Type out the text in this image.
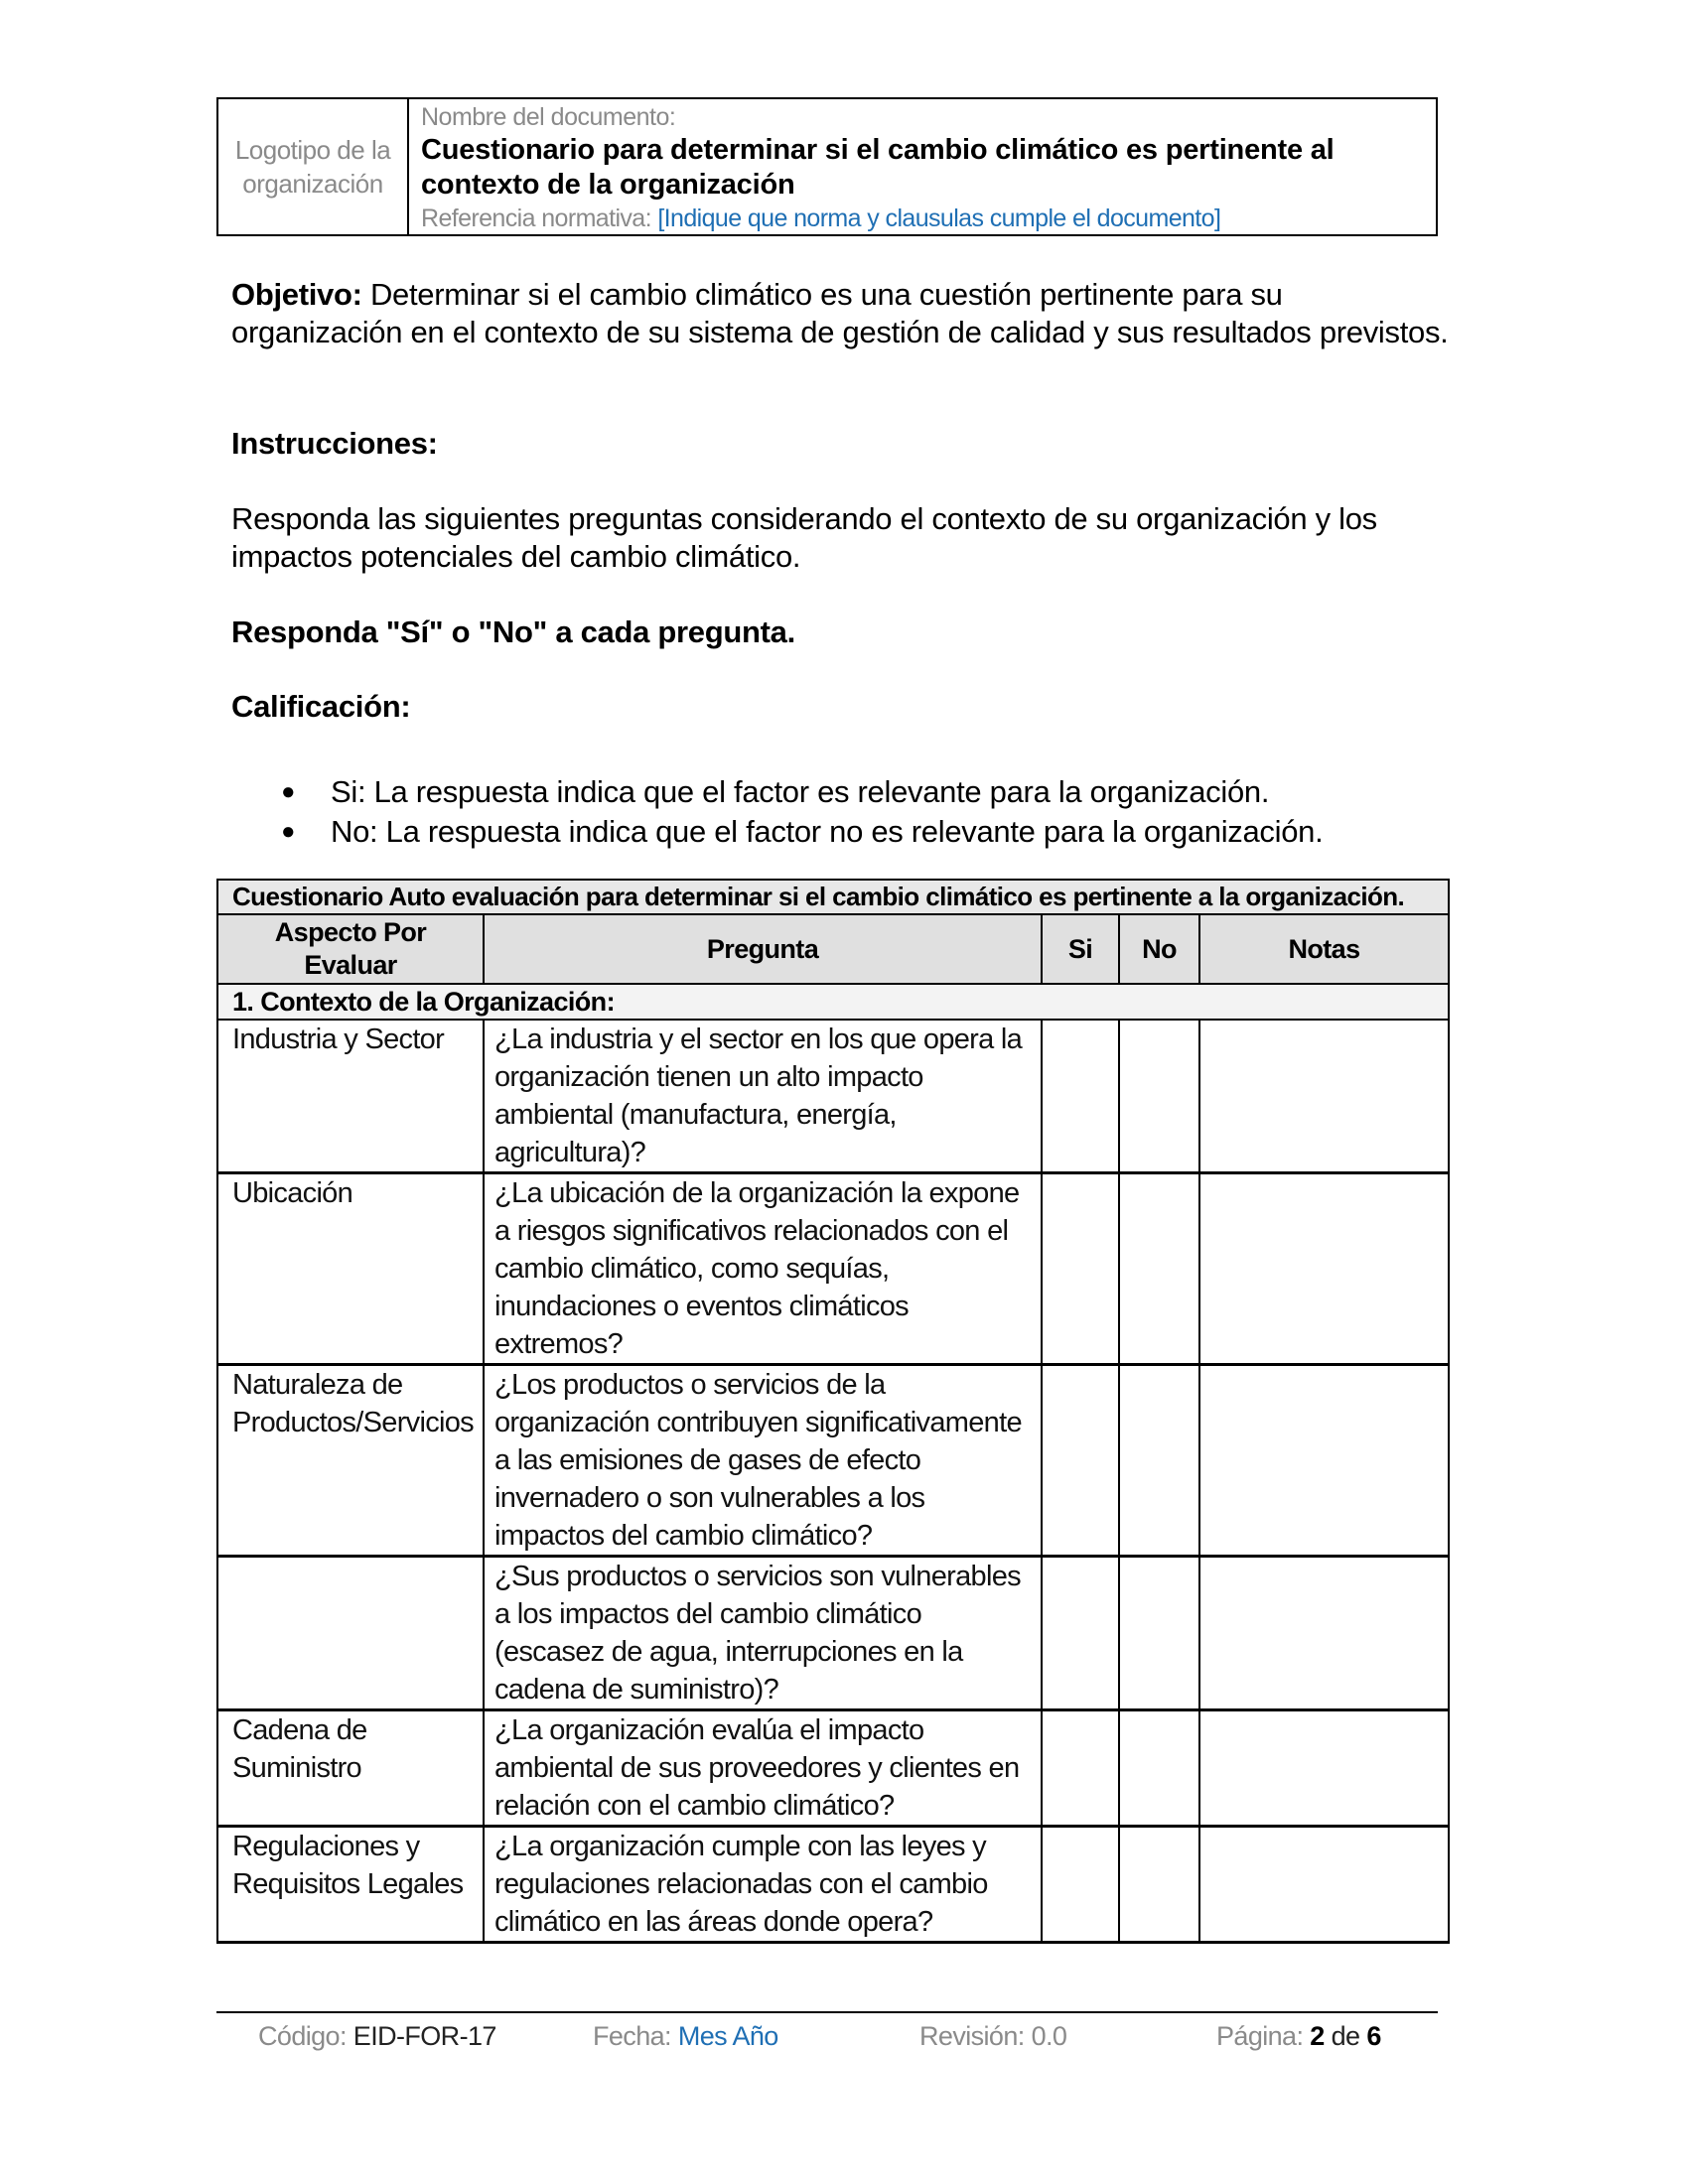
Logotipo de la organización
Nombre del documento:
Cuestionario para determinar si el cambio climático es pertinente al contexto de la organización
Referencia normativa: [Indique que norma y clausulas cumple el documento]
Objetivo: Determinar si el cambio climático es una cuestión pertinente para su organización en el contexto de su sistema de gestión de calidad y sus resultados previstos.
Instrucciones:
Responda las siguientes preguntas considerando el contexto de su organización y los impactos potenciales del cambio climático.
Responda "Sí" o "No" a cada pregunta.
Calificación:
●	Si: La respuesta indica que el factor es relevante para la organización.
●	No: La respuesta indica que el factor no es relevante para la organización.
Cuestionario Auto evaluación para determinar si el cambio climático es pertinente a la organización.				
Aspecto Por Evaluar	Pregunta	Si	No	Notas
1. Contexto de la Organización:				
Industria y Sector	¿La industria y el sector en los que opera la organización tienen un alto impacto ambiental (manufactura, energía, agricultura)?			
Ubicación	¿La ubicación de la organización la expone a riesgos significativos relacionados con el cambio climático, como sequías, inundaciones o eventos climáticos extremos?			
Naturaleza de Productos/Servicios	¿Los productos o servicios de la organización contribuyen significativamente a las emisiones de gases de efecto invernadero o son vulnerables a los impactos del cambio climático?			
	¿Sus productos o servicios son vulnerables a los impactos del cambio climático (escasez de agua, interrupciones en la cadena de suministro)?			
Cadena de Suministro	¿La organización evalúa el impacto ambiental de sus proveedores y clientes en relación con el cambio climático?			
Regulaciones y Requisitos Legales	¿La organización cumple con las leyes y regulaciones relacionadas con el cambio climático en las áreas donde opera?			
Código: EID-FOR-17	Fecha: Mes Año	Revisión: 0.0	Página: 2 de 6
